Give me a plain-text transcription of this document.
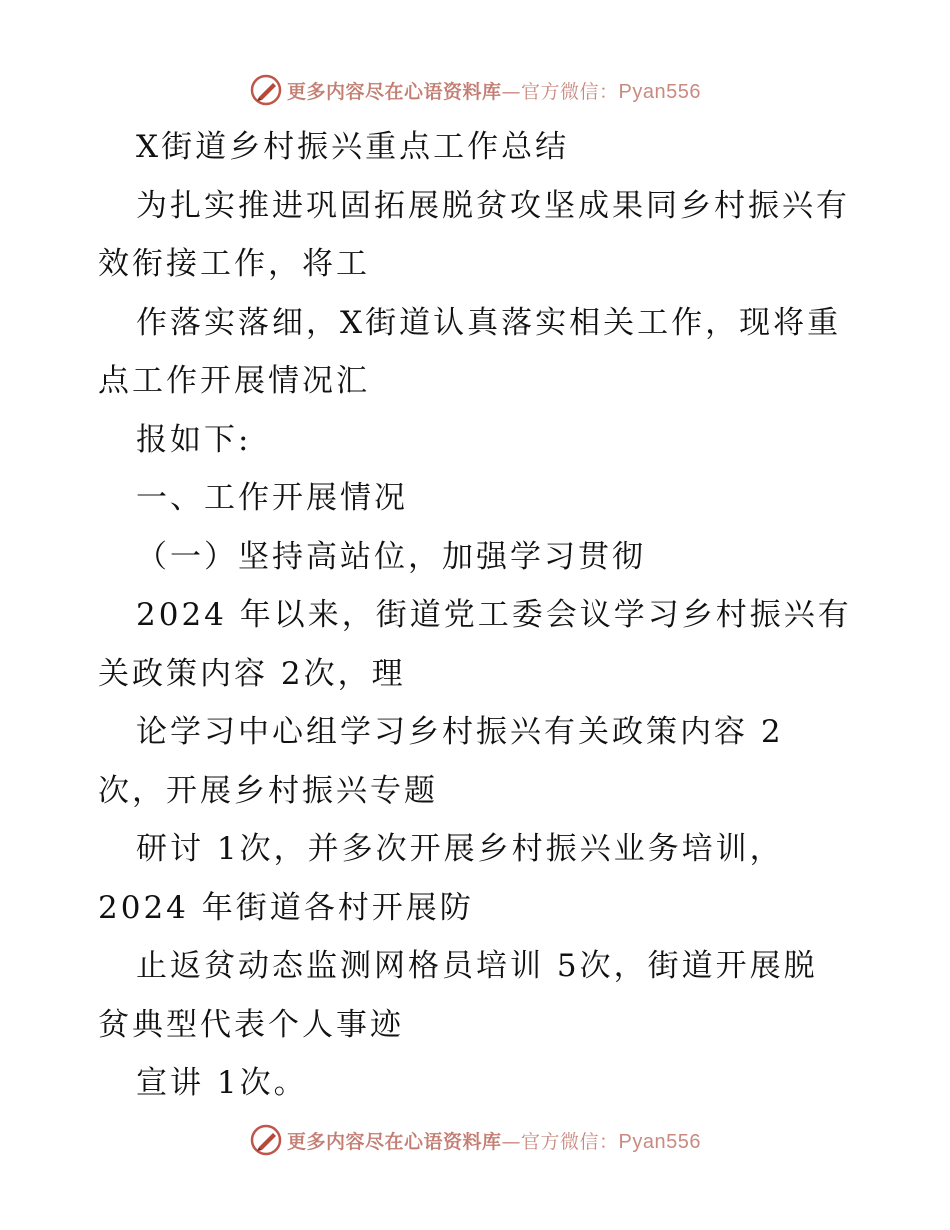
更多内容尽在心语资料库—官方微信：Pyan556
X街道乡村振兴重点工作总结
为扎实推进巩固拓展脱贫攻坚成果同乡村振兴有
效衔接工作，将工
作落实落细，X街道认真落实相关工作，现将重
点工作开展情况汇
报如下:
一、工作开展情况
（一）坚持高站位，加强学习贯彻
2024 年以来，街道党工委会议学习乡村振兴有
关政策内容 2次，理
论学习中心组学习乡村振兴有关政策内容 2
次，开展乡村振兴专题
研讨 1次，并多次开展乡村振兴业务培训，
2024 年街道各村开展防
止返贫动态监测网格员培训 5次，街道开展脱
贫典型代表个人事迹
宣讲 1次。
更多内容尽在心语资料库—官方微信：Pyan556
